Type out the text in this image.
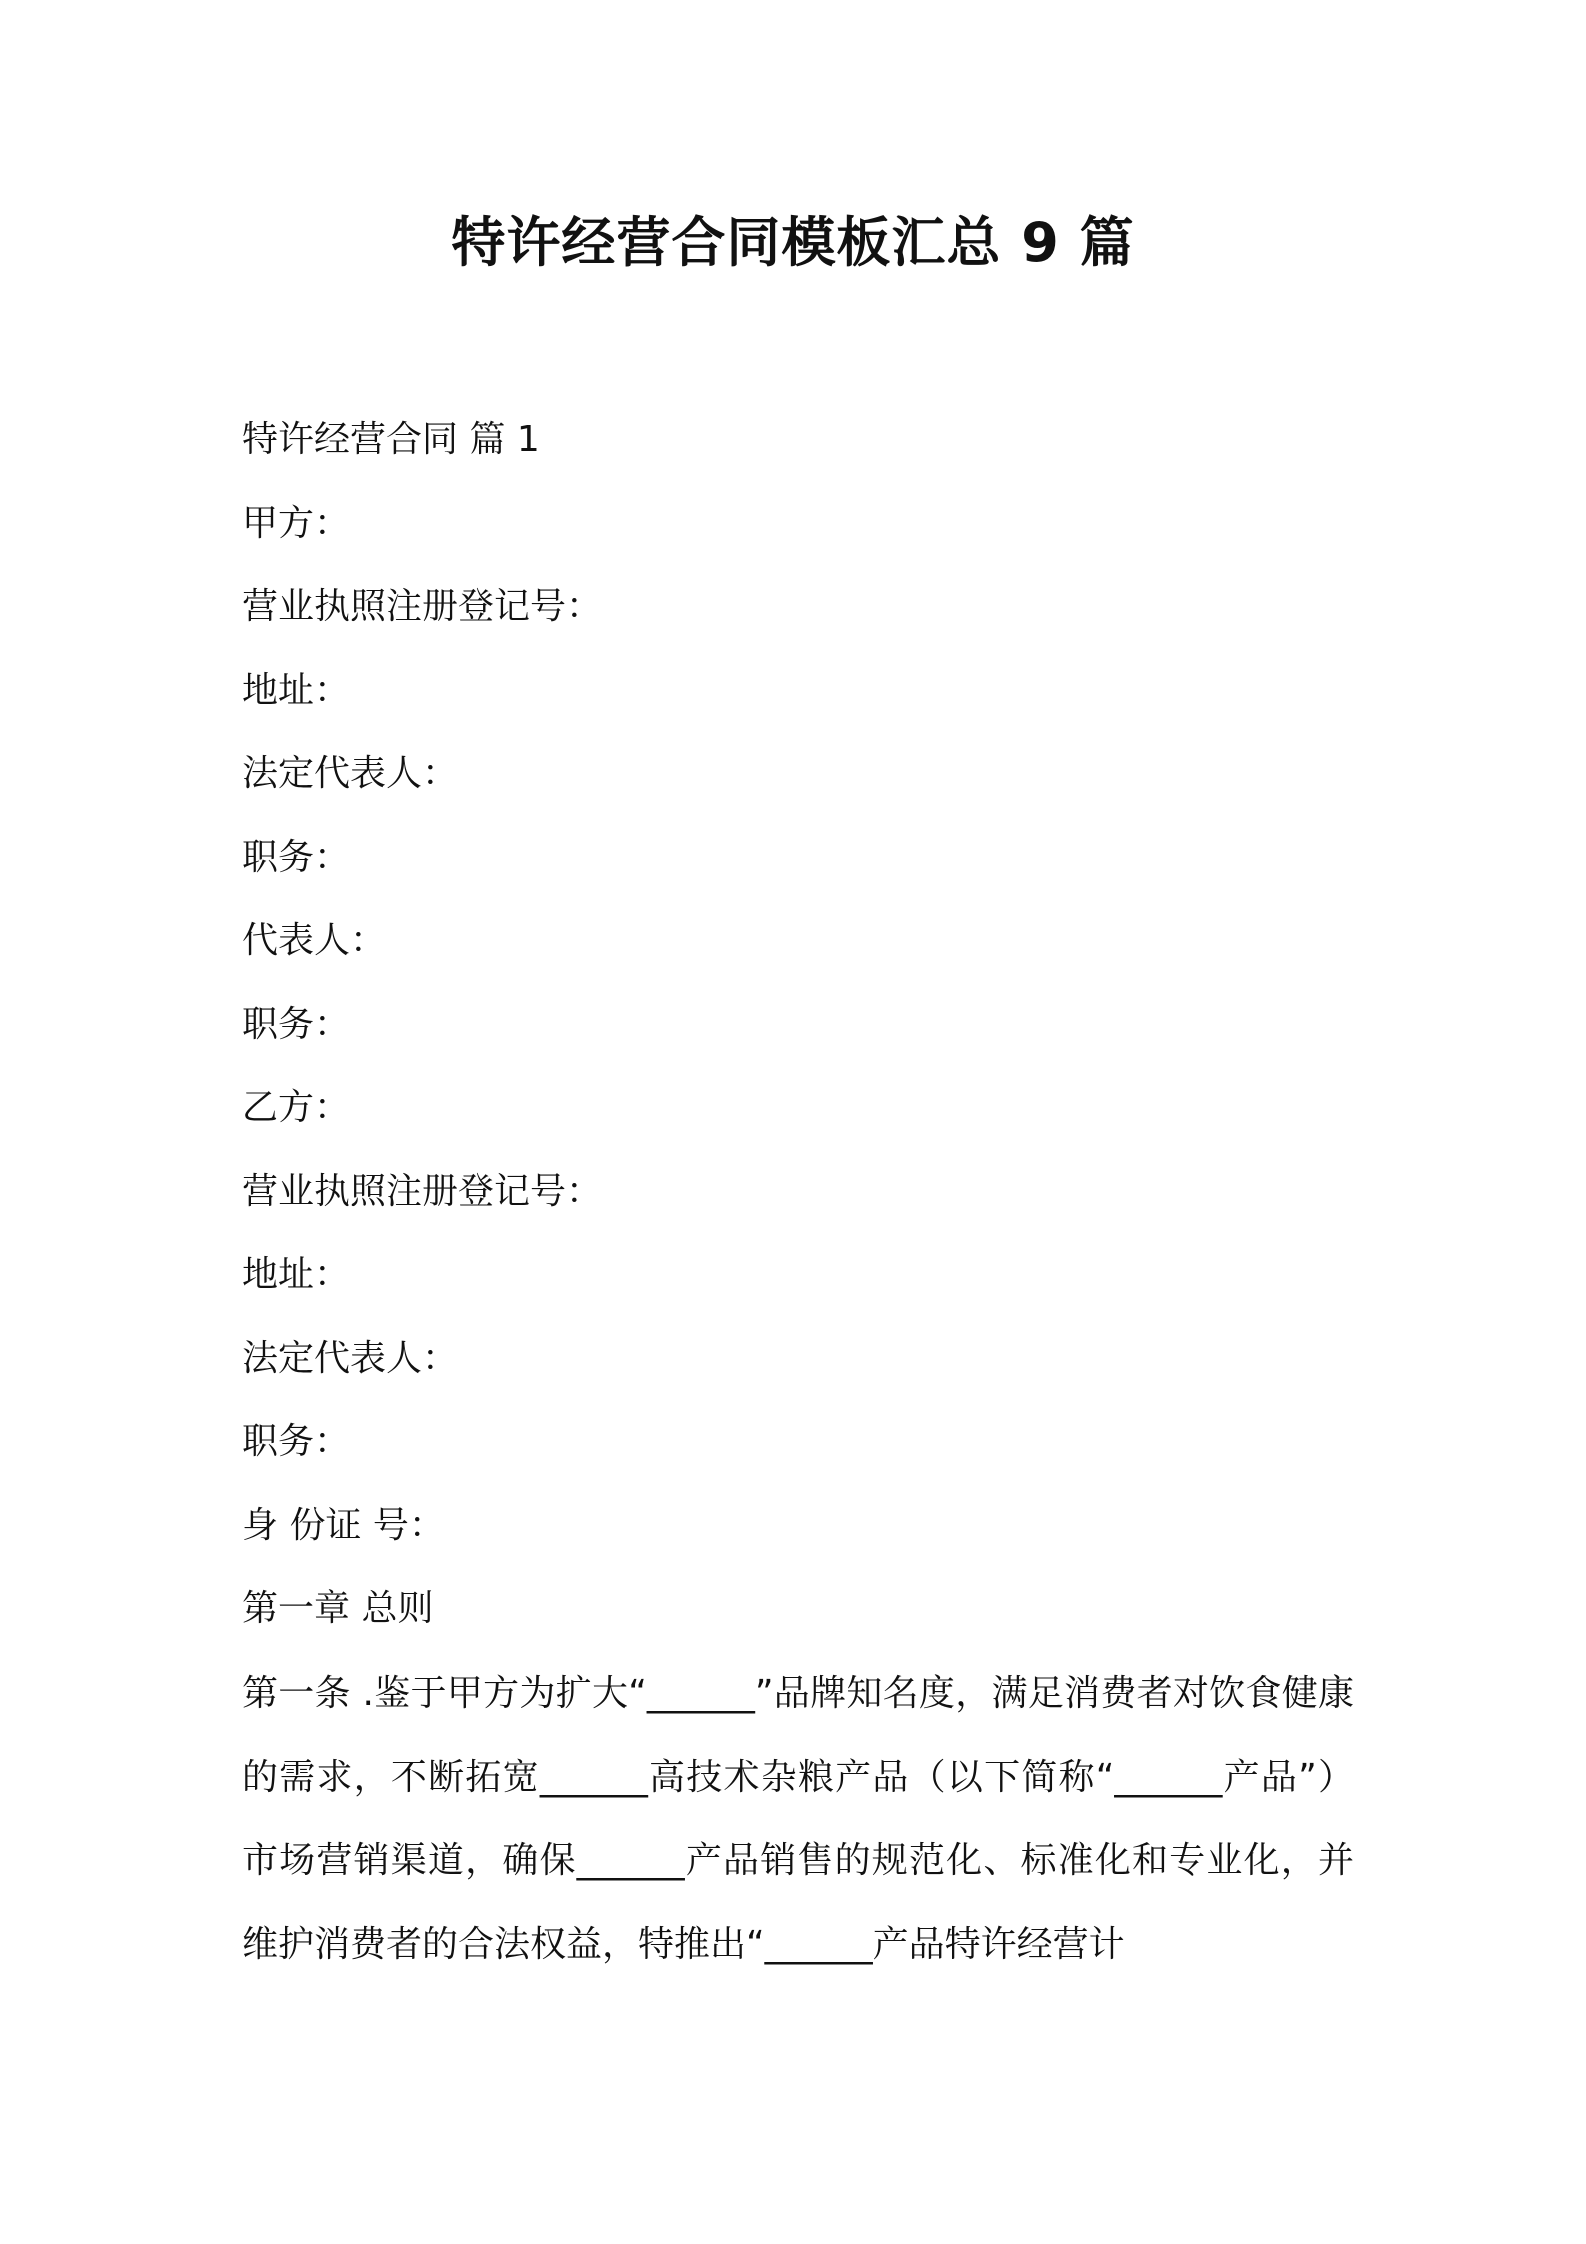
特许经营合同模板汇总 9 篇
特许经营合同 篇 1
甲方：
营业执照注册登记号：
地址：
法定代表人：
职务：
代表人：
职务：
乙方：
营业执照注册登记号：
地址：
法定代表人：
职务：
身 份证 号：
第一章 总则

第一条 .鉴于甲方为扩大“______”品牌知名度，满足消费者对饮食健康的需求，不断拓宽______高技术杂粮产品（以下简称“______产品”）市场营销渠道，确保______产品销售的规范化、标准化和专业化，并维护消费者的合法权益，特推出“______产品特许经营计
